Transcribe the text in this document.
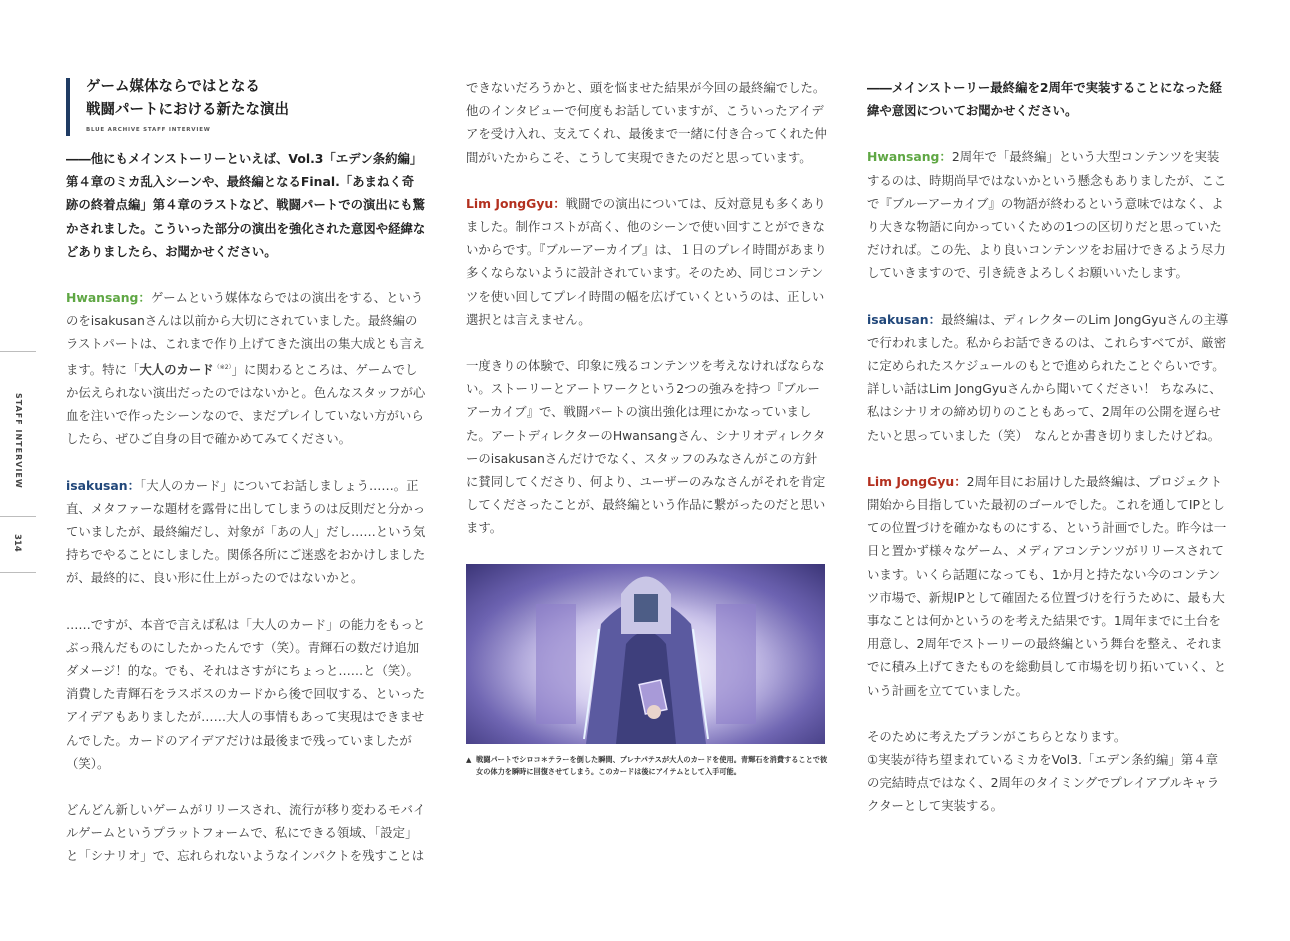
STAFF INTERVIEW
314
ゲーム媒体ならではとなる
戦闘パートにおける新たな演出
BLUE ARCHIVE STAFF INTERVIEW

――他にもメインストーリーといえば、Vol.3「エデン条約編」第４章のミカ乱入シーンや、最終編となるFinal.「あまねく奇跡の終着点編」第４章のラストなど、戦闘パートでの演出にも驚かされました。こういった部分の演出を強化された意図や経緯などありましたら、お聞かせください。

Hwansang：ゲームという媒体ならではの演出をする、というのをisakusanさんは以前から大切にされていました。最終編のラストパートは、これまで作り上げてきた演出の集大成とも言えます。特に「大人のカード$^{(※2)}$」に関わるところは、ゲームでしか伝えられない演出だったのではないかと。色んなスタッフが心血を注いで作ったシーンなので、まだプレイしていない方がいらしたら、ぜひご自身の目で確かめてみてください。

isakusan：「大人のカード」についてお話しましょう……。正直、メタファーな題材を露骨に出してしまうのは反則だと分かっていましたが、最終編だし、対象が「あの人」だし……という気持ちでやることにしました。関係各所にご迷惑をおかけしましたが、最終的に、良い形に仕上がったのではないかと。

……ですが、本音で言えば私は「大人のカード」の能力をもっとぶっ飛んだものにしたかったんです（笑）。青輝石の数だけ追加ダメージ！的な。でも、それはさすがにちょっと……と（笑）。消費した青輝石をラスボスのカードから後で回収する、といったアイデアもありましたが……大人の事情もあって実現はできませんでした。カードのアイデアだけは最後まで残っていましたが（笑）。

どんどん新しいゲームがリリースされ、流行が移り変わるモバイルゲームというプラットフォームで、私にできる領域、「設定」と「シナリオ」で、忘れられないようなインパクトを残すことは

できないだろうかと、頭を悩ませた結果が今回の最終編でした。他のインタビューで何度もお話していますが、こういったアイデアを受け入れ、支えてくれ、最後まで一緒に付き合ってくれた仲間がいたからこそ、こうして実現できたのだと思っています。

Lim JongGyu：戦闘での演出については、反対意見も多くありました。制作コストが高く、他のシーンで使い回すことができないからです。『ブルーアーカイブ』は、１日のプレイ時間があまり多くならないように設計されています。そのため、同じコンテンツを使い回してプレイ時間の幅を広げていくというのは、正しい選択とは言えません。

一度きりの体験で、印象に残るコンテンツを考えなければならない。ストーリーとアートワークという2つの強みを持つ『ブルーアーカイブ』で、戦闘パートの演出強化は理にかなっていました。アートディレクターのHwansangさん、シナリオディレクターのisakusanさんだけでなく、スタッフのみなさんがこの方針に賛同してくださり、何より、ユーザーのみなさんがそれを肯定してくださったことが、最終編という作品に繋がったのだと思います。

▲ 戦闘パートでシロコ＊テラーを倒した瞬間、プレナパテスが大人のカードを使用。青輝石を消費することで彼女の体力を瞬時に回復させてしまう。このカードは後にアイテムとして入手可能。

――メインストーリー最終編を2周年で実装することになった経緯や意図についてお聞かせください。

Hwansang：2周年で「最終編」という大型コンテンツを実装するのは、時期尚早ではないかという懸念もありましたが、ここで『ブルーアーカイブ』の物語が終わるという意味ではなく、より大きな物語に向かっていくための1つの区切りだと思っていただければ。この先、より良いコンテンツをお届けできるよう尽力していきますので、引き続きよろしくお願いいたします。

isakusan：最終編は、ディレクターのLim JongGyuさんの主導で行われました。私からお話できるのは、これらすべてが、厳密に定められたスケジュールのもとで進められたことぐらいです。詳しい話はLim JongGyuさんから聞いてください！ ちなみに、私はシナリオの締め切りのこともあって、2周年の公開を遅らせたいと思っていました（笑）　なんとか書き切りましたけどね。

Lim JongGyu：2周年目にお届けした最終編は、プロジェクト開始から目指していた最初のゴールでした。これを通してIPとしての位置づけを確かなものにする、という計画でした。昨今は一日と置かず様々なゲーム、メディアコンテンツがリリースされています。いくら話題になっても、1か月と持たない今のコンテンツ市場で、新規IPとして確固たる位置づけを行うために、最も大事なことは何かというのを考えた結果です。1周年までに土台を用意し、2周年でストーリーの最終編という舞台を整え、それまでに積み上げてきたものを総動員して市場を切り拓いていく、という計画を立てていました。

そのために考えたプランがこちらとなります。

①実装が待ち望まれているミカをVol3.「エデン条約編」第４章の完結時点ではなく、2周年のタイミングでプレイアブルキャラクターとして実装する。
